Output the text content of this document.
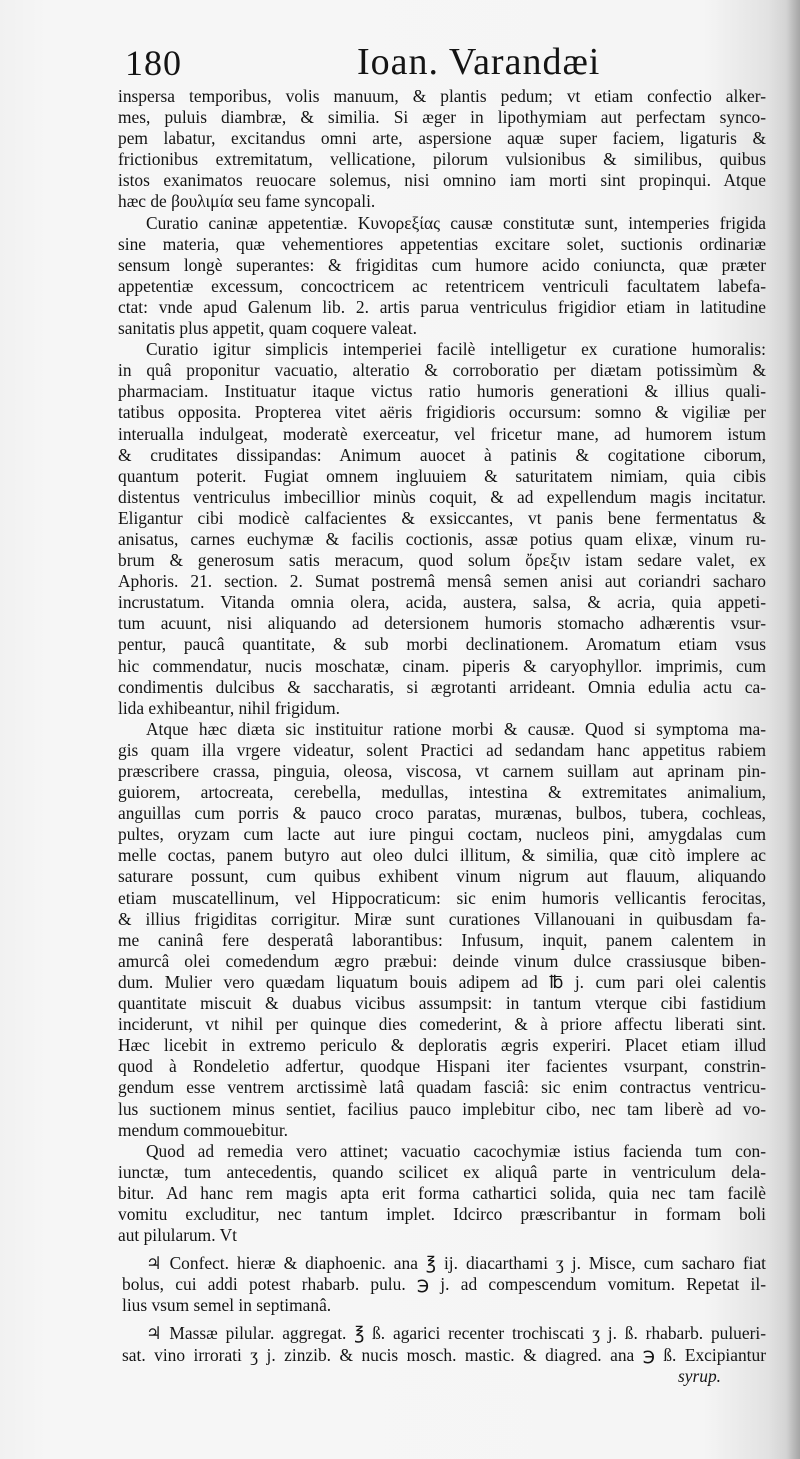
180	Ioan. Varandæi
inspersa temporibus, volis manuum, & plantis pedum; vt etiam confectio alker-
mes, puluis diambræ, & similia. Si æger in lipothymiam aut perfectam synco-
pem labatur, excitandus omni arte, aspersione aquæ super faciem, ligaturis &
frictionibus extremitatum, vellicatione, pilorum vulsionibus & similibus, quibus
istos exanimatos reuocare solemus, nisi omnino iam morti sint propinqui. Atque
hæc de βουλιμία seu fame syncopali.
Curatio caninæ appetentiæ. Κυνορεξίας causæ constitutæ sunt, intemperies frigida
sine materia, quæ vehementiores appetentias excitare solet, suctionis ordinariæ
sensum longè superantes: & frigiditas cum humore acido coniuncta, quæ præter
appetentiæ excessum, concoctricem ac retentricem ventriculi facultatem labefa-
ctat: vnde apud Galenum lib. 2. artis parua ventriculus frigidior etiam in latitudine
sanitatis plus appetit, quam coquere valeat.
Curatio igitur simplicis intemperiei facilè intelligetur ex curatione humoralis:
in quâ proponitur vacuatio, alteratio & corroboratio per diætam potissimùm &
pharmaciam. Instituatur itaque victus ratio humoris generationi & illius quali-
tatibus opposita. Propterea vitet aëris frigidioris occursum: somno & vigiliæ per
interualla indulgeat, moderatè exerceatur, vel fricetur mane, ad humorem istum
& cruditates dissipandas: Animum auocet à patinis & cogitatione ciborum,
quantum poterit. Fugiat omnem ingluuiem & saturitatem nimiam, quia cibis
distentus ventriculus imbecillior minùs coquit, & ad expellendum magis incitatur.
Eligantur cibi modicè calfacientes & exsiccantes, vt panis bene fermentatus &
anisatus, carnes euchymæ & facilis coctionis, assæ potius quam elixæ, vinum ru-
brum & generosum satis meracum, quod solum ὄρεξιν istam sedare valet, ex
Aphoris. 21. section. 2. Sumat postremâ mensâ semen anisi aut coriandri sacharo
incrustatum. Vitanda omnia olera, acida, austera, salsa, & acria, quia appeti-
tum acuunt, nisi aliquando ad detersionem humoris stomacho adhærentis vsur-
pentur, paucâ quantitate, & sub morbi declinationem. Aromatum etiam vsus
hic commendatur, nucis moschatæ, cinam. piperis & caryophyllor. imprimis, cum
condimentis dulcibus & saccharatis, si ægrotanti arrideant. Omnia edulia actu ca-
lida exhibeantur, nihil frigidum.
Atque hæc diæta sic instituitur ratione morbi & causæ. Quod si symptoma ma-
gis quam illa vrgere videatur, solent Practici ad sedandam hanc appetitus rabiem
præscribere crassa, pinguia, oleosa, viscosa, vt carnem suillam aut aprinam pin-
guiorem, artocreata, cerebella, medullas, intestina & extremitates animalium,
anguillas cum porris & pauco croco paratas, murænas, bulbos, tubera, cochleas,
pultes, oryzam cum lacte aut iure pingui coctam, nucleos pini, amygdalas cum
melle coctas, panem butyro aut oleo dulci illitum, & similia, quæ citò implere ac
saturare possunt, cum quibus exhibent vinum nigrum aut flauum, aliquando
etiam muscatellinum, vel Hippocraticum: sic enim humoris vellicantis ferocitas,
& illius frigiditas corrigitur. Miræ sunt curationes Villanouani in quibusdam fa-
me caninâ fere desperatâ laborantibus: Infusum, inquit, panem calentem in
amurcâ olei comedendum ægro præbui: deinde vinum dulce crassiusque biben-
dum. Mulier vero quædam liquatum bouis adipem ad ℔ j. cum pari olei calentis
quantitate miscuit & duabus vicibus assumpsit: in tantum vterque cibi fastidium
inciderunt, vt nihil per quinque dies comederint, & à priore affectu liberati sint.
Hæc licebit in extremo periculo & deploratis ægris experiri. Placet etiam illud
quod à Rondeletio adfertur, quodque Hispani iter facientes vsurpant, constrin-
gendum esse ventrem arctissimè latâ quadam fasciâ: sic enim contractus ventricu-
lus suctionem minus sentiet, facilius pauco implebitur cibo, nec tam liberè ad vo-
mendum commouebitur.
Quod ad remedia vero attinet; vacuatio cacochymiæ istius facienda tum con-
iunctæ, tum antecedentis, quando scilicet ex aliquâ parte in ventriculum dela-
bitur. Ad hanc rem magis apta erit forma cathartici solida, quia nec tam facilè
vomitu excluditur, nec tantum implet. Idcirco præscribantur in formam boli
aut pilularum. Vt
♃ Confect. hieræ & diaphoenic. ana ℥ ij. diacarthami ʒ j. Misce, cum sacharo fiat
bolus, cui addi potest rhabarb. pulu. ℈ j. ad compescendum vomitum. Repetat il-
lius vsum semel in septimanâ.
♃ Massæ pilular. aggregat. ℥ ß. agarici recenter trochiscati ʒ j. ß. rhabarb. pulueri-
sat. vino irrorati ʒ j. zinzib. & nucis mosch. mastic. & diagred. ana ℈ ß. Excipiantur
syrup.
